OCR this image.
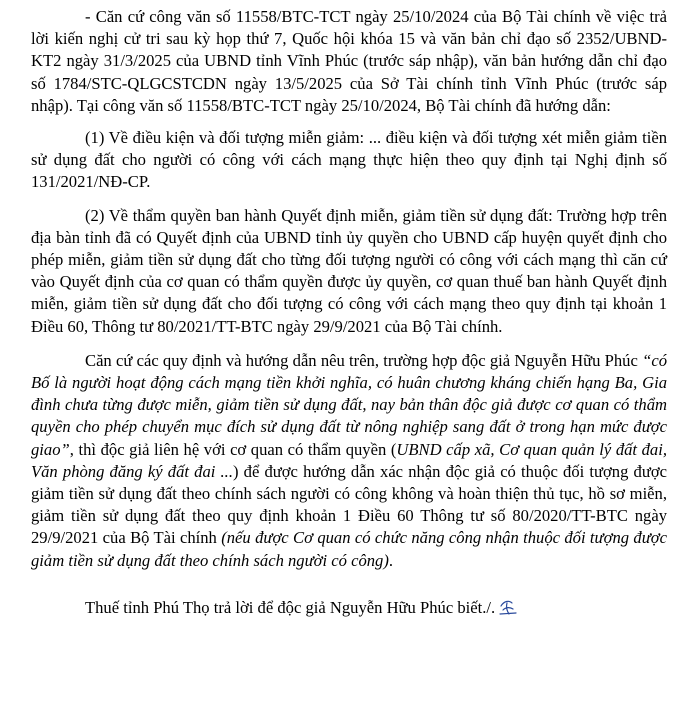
- Căn cứ công văn số 11558/BTC-TCT ngày 25/10/2024 của Bộ Tài chính về việc trả lời kiến nghị cử tri sau kỳ họp thứ 7, Quốc hội khóa 15 và văn bản chỉ đạo số 2352/UBND-KT2 ngày 31/3/2025 của UBND tỉnh Vĩnh Phúc (trước sáp nhập), văn bản hướng dẫn chỉ đạo số 1784/STC-QLGCSTCDN ngày 13/5/2025 của Sở Tài chính tỉnh Vĩnh Phúc (trước sáp nhập). Tại công văn số 11558/BTC-TCT ngày 25/10/2024, Bộ Tài chính đã hướng dẫn:

(1) Về điều kiện và đối tượng miễn giảm: ... điều kiện và đối tượng xét miễn giảm tiền sử dụng đất cho người có công với cách mạng thực hiện theo quy định tại Nghị định số 131/2021/NĐ-CP.

(2) Về thẩm quyền ban hành Quyết định miễn, giảm tiền sử dụng đất: Trường hợp trên địa bàn tỉnh đã có Quyết định của UBND tỉnh ủy quyền cho UBND cấp huyện quyết định cho phép miễn, giảm tiền sử dụng đất cho từng đối tượng người có công với cách mạng thì căn cứ vào Quyết định của cơ quan có thẩm quyền được ủy quyền, cơ quan thuế ban hành Quyết định miễn, giảm tiền sử dụng đất cho đối tượng có công với cách mạng theo quy định tại khoản 1 Điều 60, Thông tư 80/2021/TT-BTC ngày 29/9/2021 của Bộ Tài chính.

Căn cứ các quy định và hướng dẫn nêu trên, trường hợp độc giả Nguyễn Hữu Phúc “có Bố là người hoạt động cách mạng tiền khởi nghĩa, có huân chương kháng chiến hạng Ba, Gia đình chưa từng được miễn, giảm tiền sử dụng đất, nay bản thân độc giả được cơ quan có thẩm quyền cho phép chuyển mục đích sử dụng đất từ nông nghiệp sang đất ở trong hạn mức được giao”, thì độc giả liên hệ với cơ quan có thẩm quyền (UBND cấp xã, Cơ quan quản lý đất đai, Văn phòng đăng ký đất đai ...) để được hướng dẫn xác nhận độc giả có thuộc đối tượng được giảm tiền sử dụng đất theo chính sách người có công không và hoàn thiện thủ tục, hồ sơ miễn, giảm tiền sử dụng đất theo quy định khoản 1 Điều 60 Thông tư số 80/2020/TT-BTC ngày 29/9/2021 của Bộ Tài chính (nếu được Cơ quan có chức năng công nhận thuộc đối tượng được giảm tiền sử dụng đất theo chính sách người có công).

Thuế tỉnh Phú Thọ trả lời để độc giả Nguyễn Hữu Phúc biết./.
